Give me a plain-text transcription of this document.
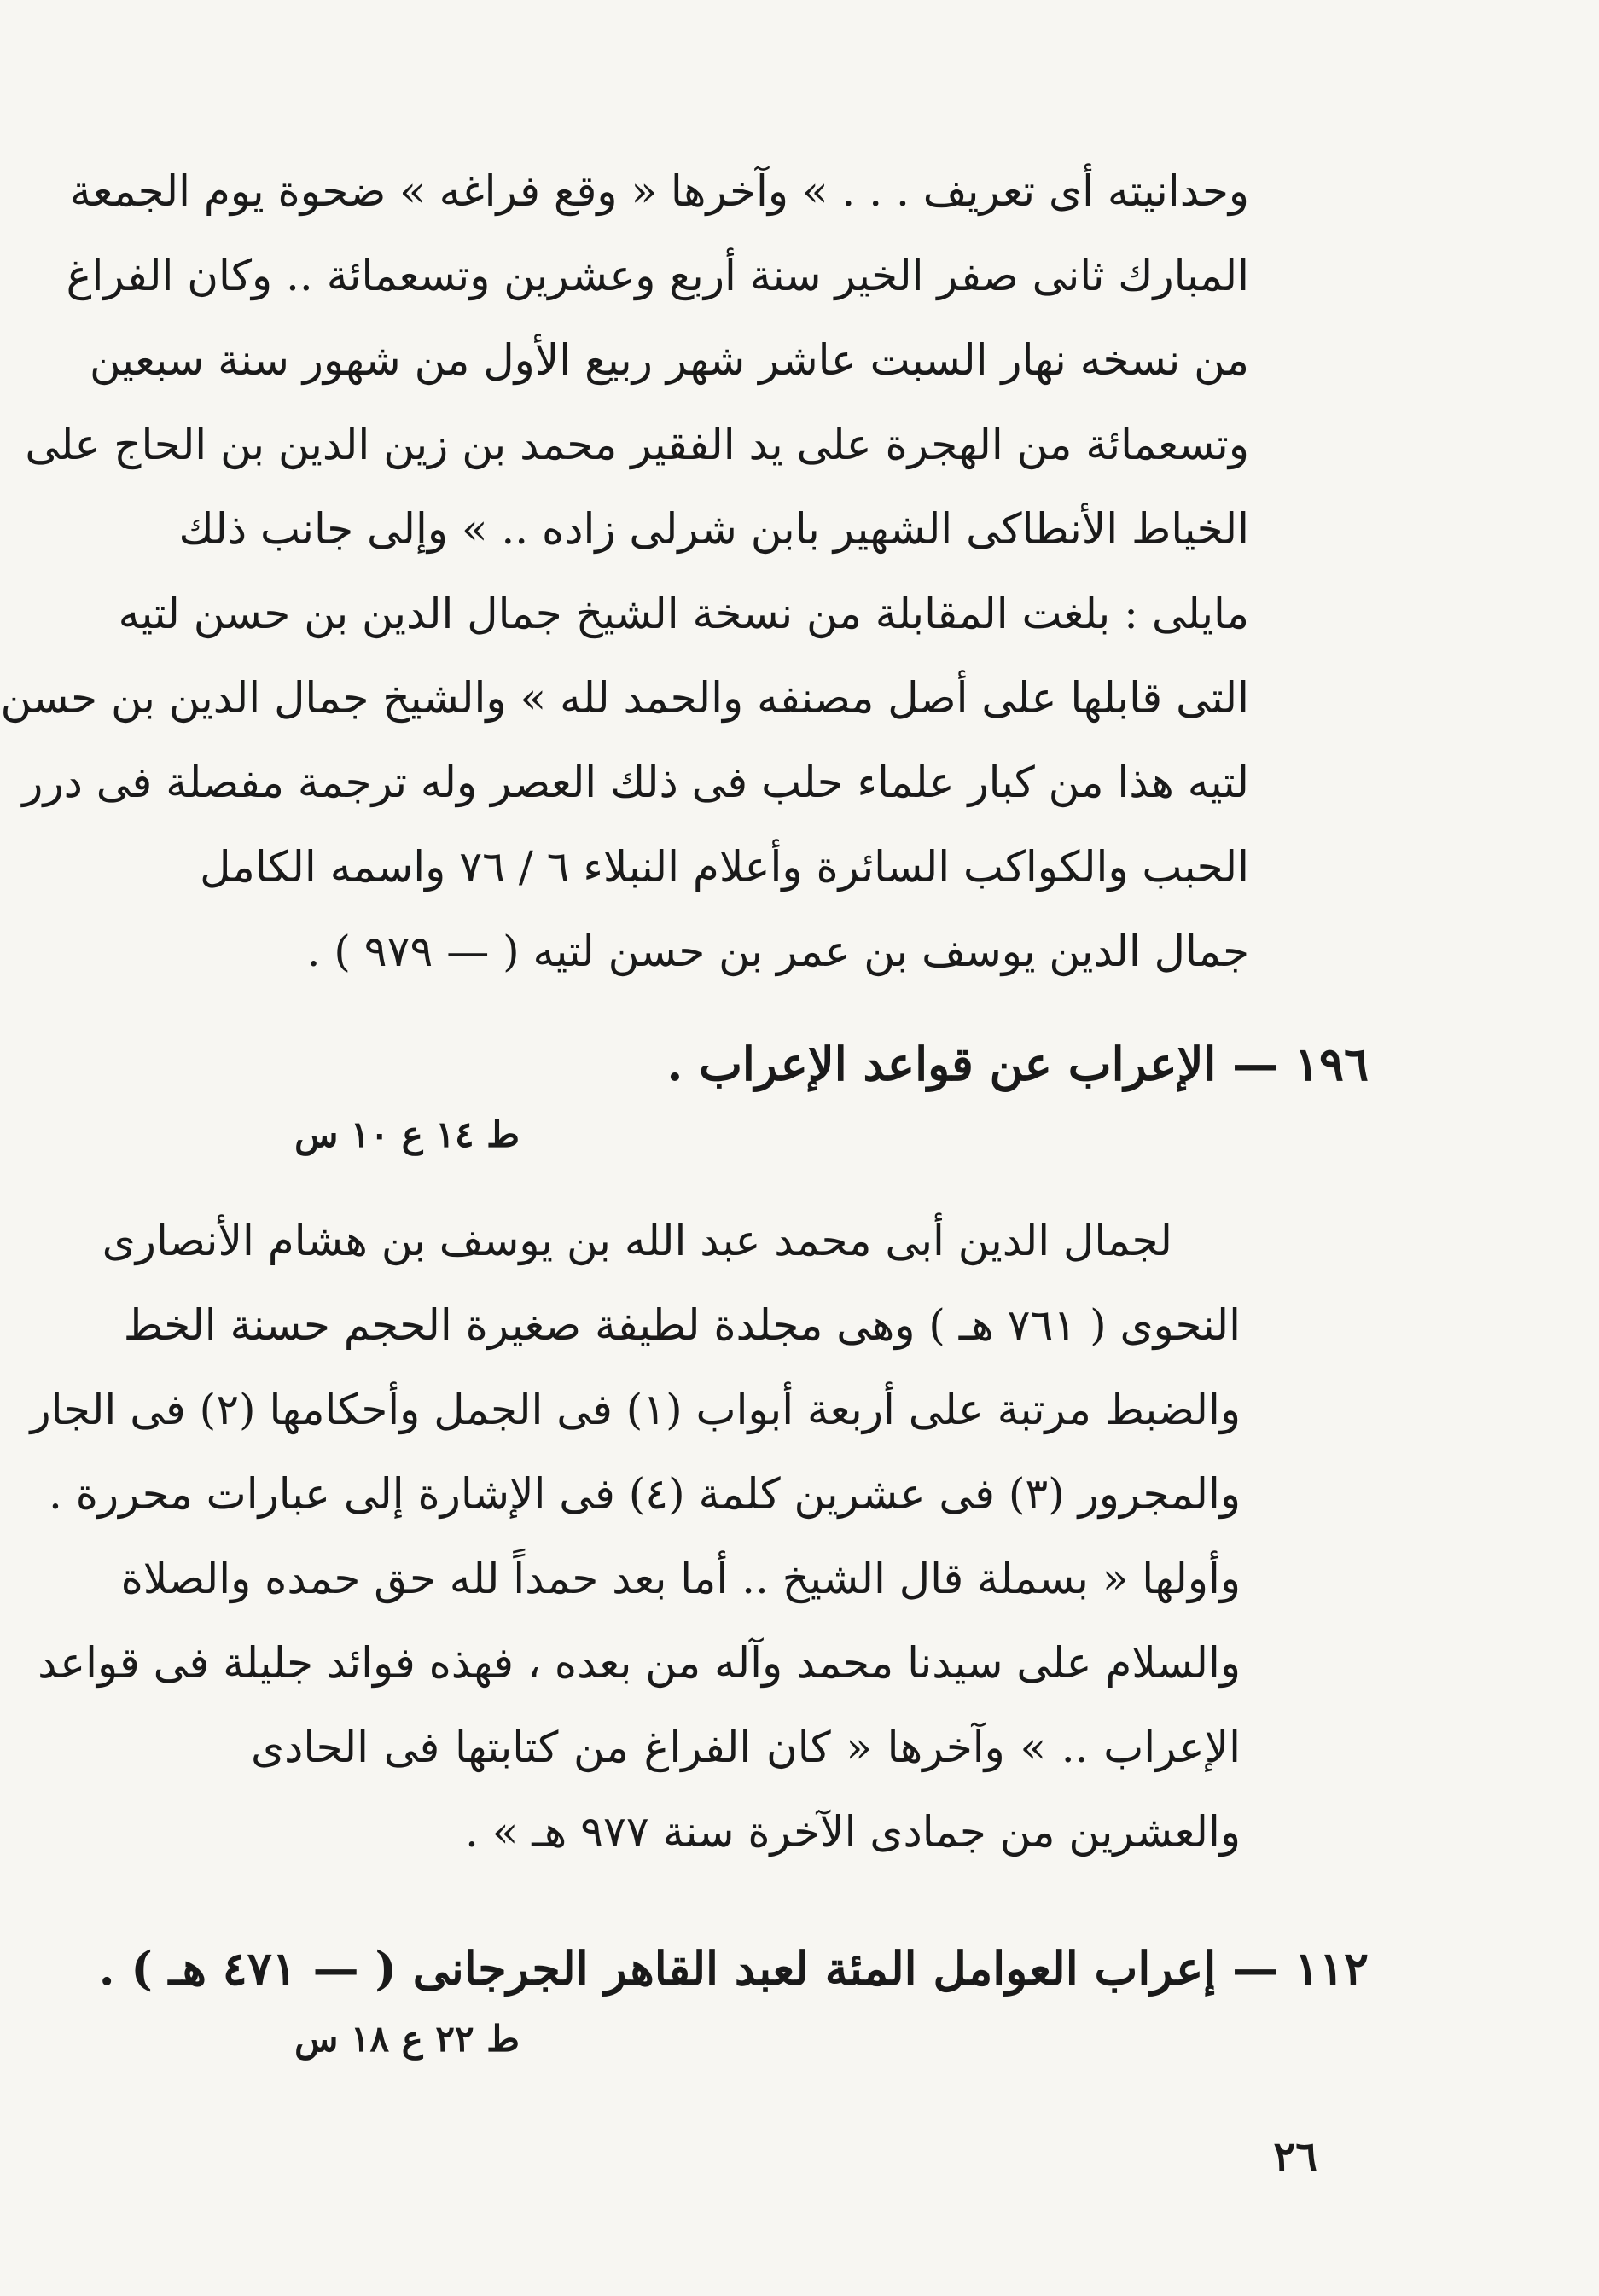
وحدانيته أى تعريف . . . » وآخرها « وقع فراغه » ضحوة يوم الجمعة
المبارك ثانى صفر الخير سنة أربع وعشرين وتسعمائة .. وكان الفراغ
من نسخه نهار السبت عاشر شهر ربيع الأول من شهور سنة سبعين
وتسعمائة من الهجرة على يد الفقير محمد بن زين الدين بن الحاج على
الخياط الأنطاكى الشهير بابن شرلى زاده .. » وإلى جانب ذلك
مايلى : بلغت المقابلة من نسخة الشيخ جمال الدين بن حسن لتيه
التى قابلها على أصل مصنفه والحمد لله » والشيخ جمال الدين بن حسن
لتيه هذا من كبار علماء حلب فى ذلك العصر وله ترجمة مفصلة فى درر
الحبب والكواكب السائرة وأعلام النبلاء ٦ / ٧٦ واسمه الكامل
جمال الدين يوسف بن عمر بن حسن لتيه ( — ٩٧٩ ) .
١٩٦ — الإعراب عن قواعد الإعراب .
ط ١٤ ع ١٠ س
لجمال الدين أبى محمد عبد الله بن يوسف بن هشام الأنصارى
النحوى ( ٧٦١ هـ ) وهى مجلدة لطيفة صغيرة الحجم حسنة الخط
والضبط مرتبة على أربعة أبواب (١) فى الجمل وأحكامها (٢) فى الجار
والمجرور (٣) فى عشرين كلمة (٤) فى الإشارة إلى عبارات محررة .
وأولها « بسملة قال الشيخ .. أما بعد حمداً لله حق حمده والصلاة
والسلام على سيدنا محمد وآله من بعده ، فهذه فوائد جليلة فى قواعد
الإعراب .. » وآخرها « كان الفراغ من كتابتها فى الحادى
والعشرين من جمادى الآخرة سنة ٩٧٧ هـ » .
١١٢ — إعراب العوامل المئة لعبد القاهر الجرجانى ( — ٤٧١ هـ ) .
ط ٢٢ ع ١٨ س
٢٦
